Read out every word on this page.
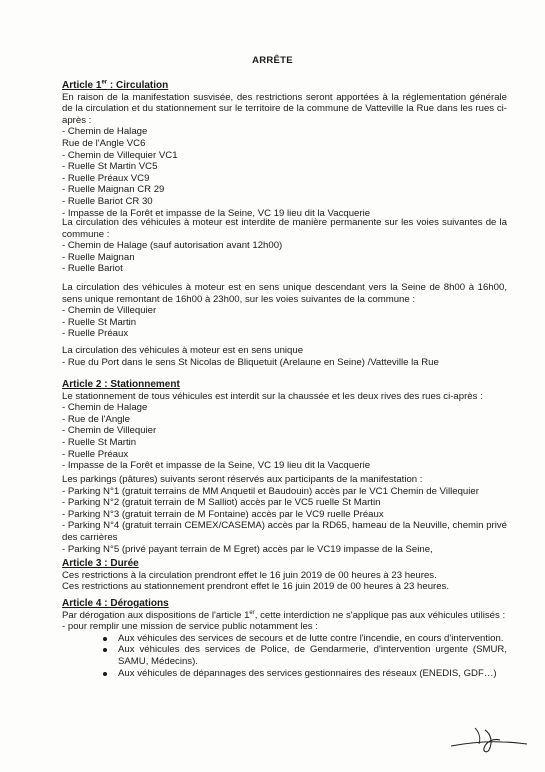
ARRÊTE
Article 1er : Circulation
En raison de la manifestation susvisée, des restrictions seront apportées à la réglementation générale de la circulation et du stationnement sur le territoire de la commune de Vatteville la Rue dans les rues ci-après :
- Chemin de Halage
Rue de l'Angle VC6
- Chemin de Villequier VC1
- Ruelle St Martin VC5
- Ruelle Préaux VC9
- Ruelle Maignan CR 29
- Ruelle Bariot CR 30
- Impasse de la Forêt et impasse de la Seine, VC 19 lieu dit la Vacquerie
La circulation des véhicules à moteur est interdite de manière permanente sur les voies suivantes de la commune :
- Chemin de Halage (sauf autorisation avant 12h00)
- Ruelle Maignan
- Ruelle Bariot
La circulation des véhicules à moteur est en sens unique descendant vers la Seine de 8h00 à 16h00, sens unique remontant de 16h00 à 23h00, sur les voies suivantes de la commune :
- Chemin de Villequier
- Ruelle St Martin
- Ruelle Préaux
La circulation des véhicules à moteur est en sens unique
- Rue du Port dans le sens St Nicolas de Bliquetuit (Arelaune en Seine) /Vatteville la Rue
Article 2 : Stationnement
Le stationnement de tous véhicules est interdit sur la chaussée et les deux rives des rues ci-après :
- Chemin de Halage
- Rue de l'Angle
- Chemin de Villequier
- Ruelle St Martin
- Ruelle Préaux
- Impasse de la Forêt et impasse de la Seine, VC 19 lieu dit la Vacquerie
Les parkings (pâtures) suivants seront réservés aux participants de la manifestation :
- Parking N°1 (gratuit terrains de MM Anquetil et Baudouin) accès par le VC1 Chemin de Villequier
- Parking N°2 (gratuit terrain de M Salliot) accès par le VC5 ruelle St Martin
- Parking N°3 (gratuit terrain de M Fontaine) accès par le VC9 ruelle Préaux
- Parking N°4 (gratuit terrain CEMEX/CASEMA) accès par la RD65, hameau de la Neuville, chemin privé des carrières
- Parking N°5 (privé payant terrain de M Egret) accès par le VC19 impasse de la Seine,
Article 3 : Durée
Ces restrictions à la circulation prendront effet le 16 juin 2019 de 00 heures à 23 heures.
Ces restrictions au stationnement prendront effet le 16 juin 2019 de 00 heures à 23 heures.
Article 4 : Dérogations
Par dérogation aux dispositions de l'article 1er, cette interdiction ne s'applique pas aux véhicules utilisés :
- pour remplir une mission de service public notamment les :
Aux véhicules des services de secours et de lutte contre l'incendie, en cours d'intervention.
Aux véhicules des services de Police, de Gendarmerie, d'intervention urgente (SMUR, SAMU, Médecins).
Aux véhicules de dépannages des services gestionnaires des réseaux (ENEDIS, GDF…)
